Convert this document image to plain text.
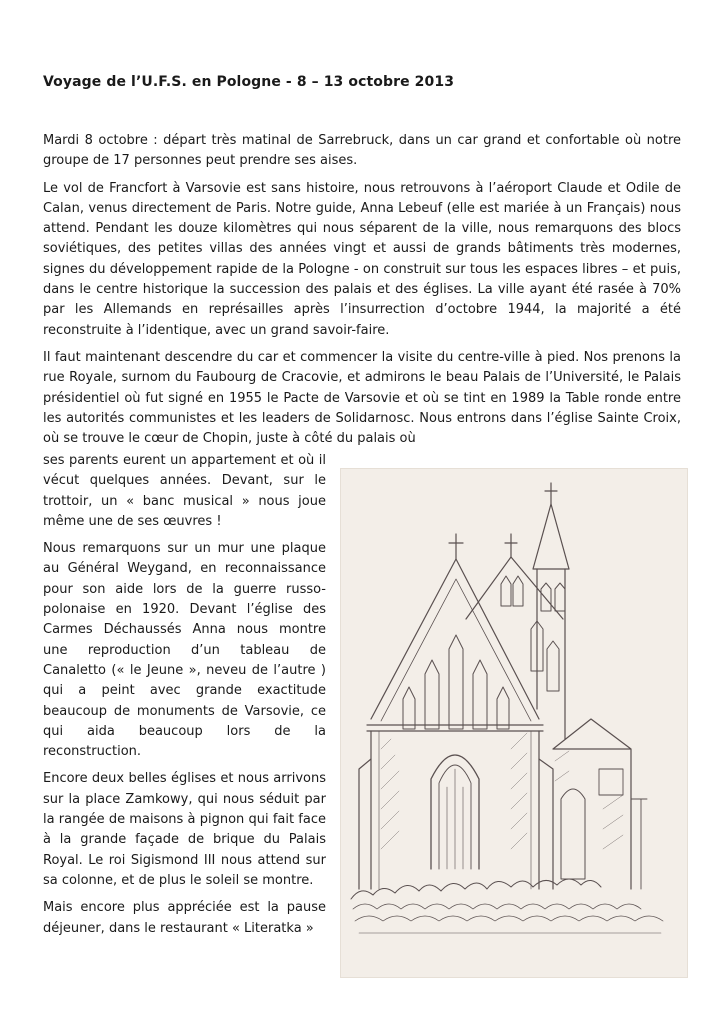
Voyage de l’U.F.S. en Pologne - 8 – 13 octobre 2013

Mardi 8 octobre : départ très matinal de Sarrebruck, dans un car grand et confortable où notre groupe de 17 personnes peut prendre ses aises.

Le vol de Francfort à Varsovie est sans histoire, nous retrouvons à l’aéroport Claude et Odile de Calan, venus directement de Paris. Notre guide, Anna Lebeuf (elle est mariée à un Français) nous attend. Pendant les douze kilomètres qui nous séparent de la ville, nous remarquons des blocs soviétiques, des petites villas des années vingt et aussi de grands bâtiments très modernes, signes du développement rapide de la Pologne - on construit sur tous les espaces libres – et puis, dans le centre historique la succession des palais et des églises. La ville ayant été rasée à 70% par les Allemands en représailles après l’insurrection d’octobre 1944, la majorité a été reconstruite à l’identique, avec un grand savoir-faire.

Il faut maintenant descendre du car et commencer la visite du centre-ville à pied. Nos prenons la rue Royale, surnom du Faubourg de Cracovie, et admirons le beau Palais de l’Université, le Palais présidentiel où fut signé en 1955 le Pacte de Varsovie et où se tint en 1989 la Table ronde entre les autorités communistes et les leaders de Solidarnosc. Nous entrons dans l’église Sainte Croix, où se trouve le cœur de Chopin, juste à côté du palais où

ses parents eurent un appartement et où il vécut quelques années. Devant, sur le trottoir, un « banc musical » nous joue même une de ses œuvres !

Nous remarquons sur un mur une plaque au Général Weygand, en reconnaissance pour son aide lors de la guerre russo-polonaise en 1920. Devant l’église des Carmes Déchaussés Anna nous montre une reproduction d’un tableau de Canaletto (« le Jeune », neveu de l’autre ) qui a peint avec grande exactitude beaucoup de monuments de Varsovie, ce qui aida beaucoup lors de la reconstruction.

Encore deux belles églises et nous arrivons sur la place Zamkowy, qui nous séduit par la rangée de maisons à pignon qui fait face à la grande façade de brique du Palais Royal. Le roi Sigismond III nous attend sur sa colonne, et de plus le soleil se montre.

Mais encore plus appréciée est la pause déjeuner, dans le restaurant « Literatka »
